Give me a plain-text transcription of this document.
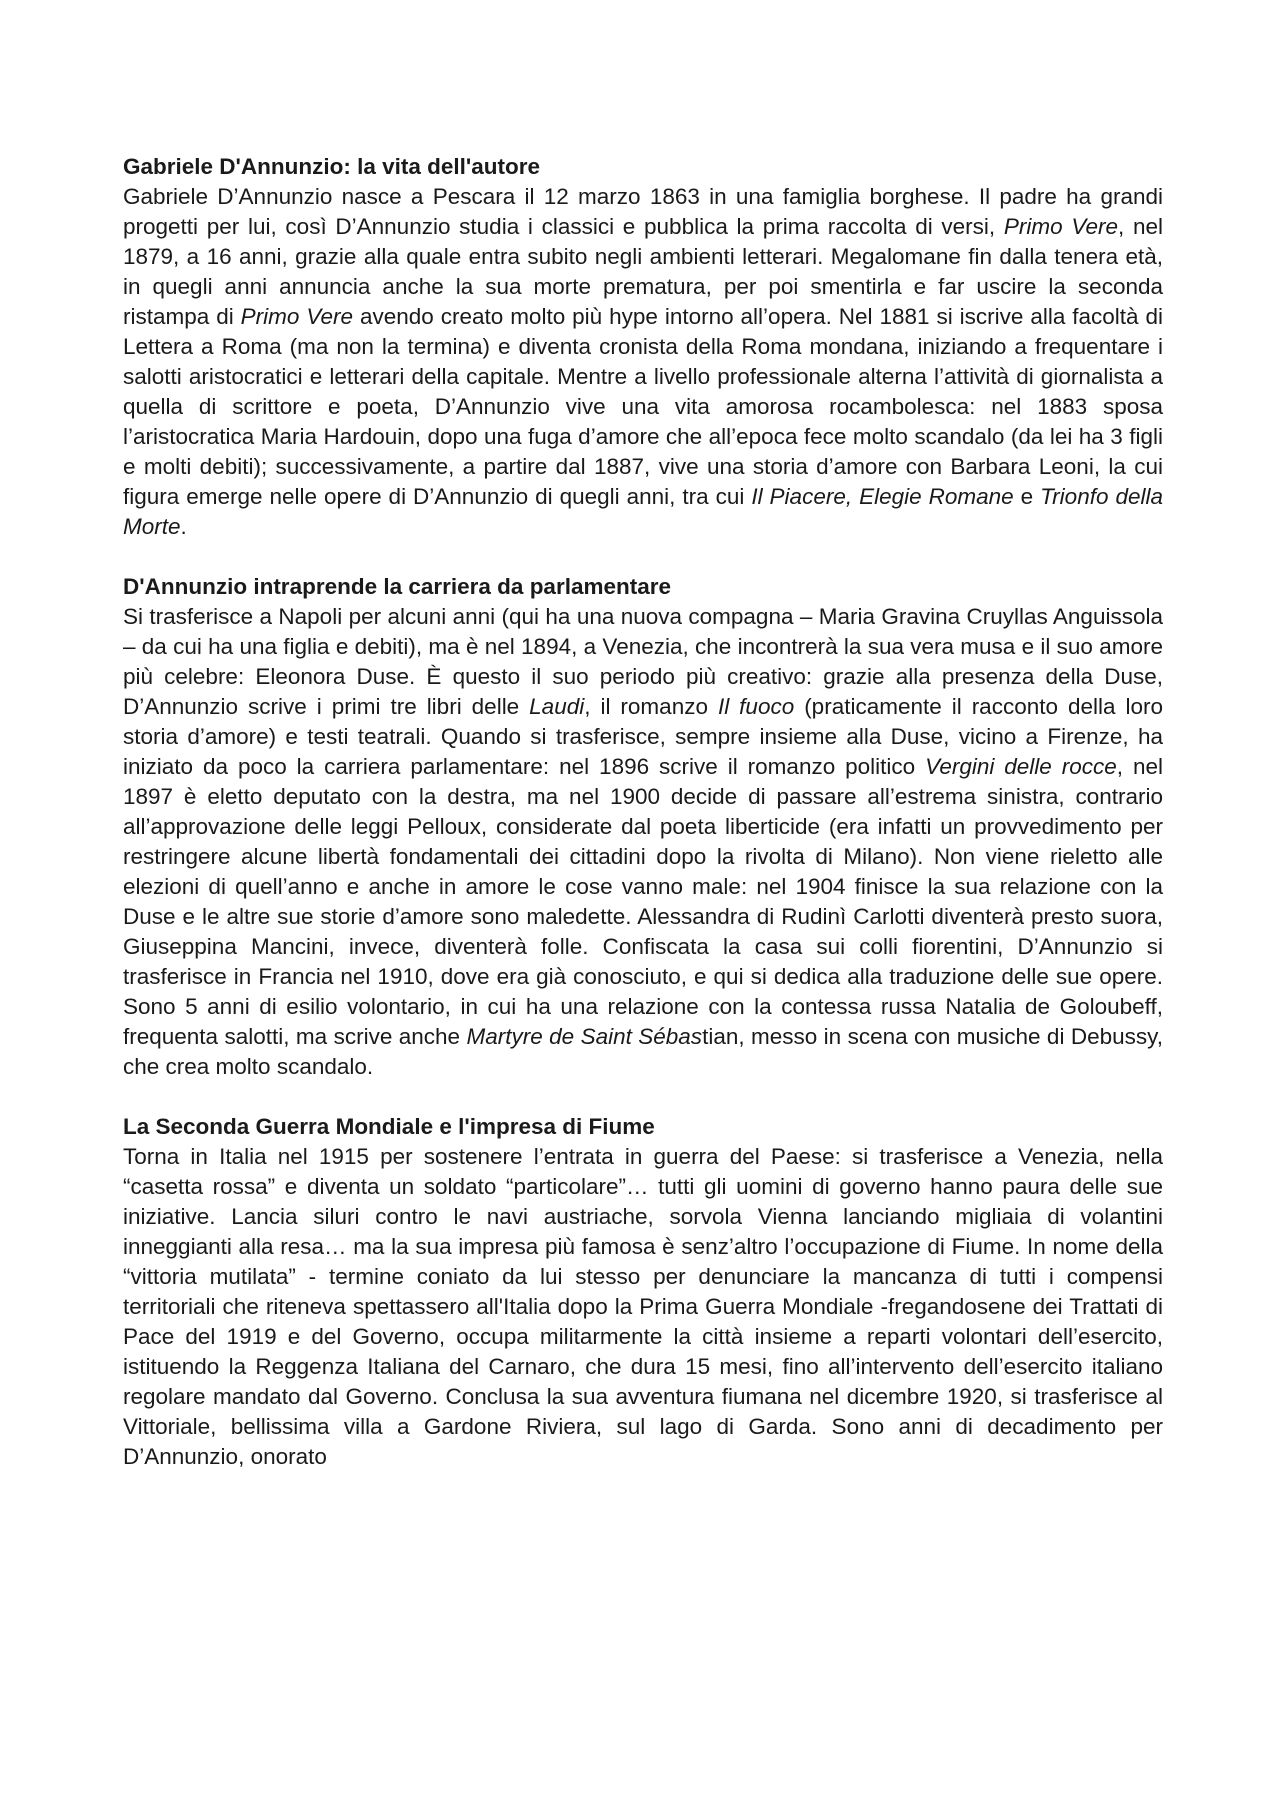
Gabriele D'Annunzio: la vita dell'autore

Gabriele D’Annunzio nasce a Pescara il 12 marzo 1863 in una famiglia borghese. Il padre ha grandi progetti per lui, così D’Annunzio studia i classici e pubblica la prima raccolta di versi, Primo Vere, nel 1879, a 16 anni, grazie alla quale entra subito negli ambienti letterari. Megalomane fin dalla tenera età, in quegli anni annuncia anche la sua morte prematura, per poi smentirla e far uscire la seconda ristampa di Primo Vere avendo creato molto più hype intorno all’opera. Nel 1881 si iscrive alla facoltà di Lettera a Roma (ma non la termina) e diventa cronista della Roma mondana, iniziando a frequentare i salotti aristocratici e letterari della capitale. Mentre a livello professionale alterna l’attività di giornalista a quella di scrittore e poeta, D’Annunzio vive una vita amorosa rocambolesca: nel 1883 sposa l’aristocratica Maria Hardouin, dopo una fuga d’amore che all’epoca fece molto scandalo (da lei ha 3 figli e molti debiti); successivamente, a partire dal 1887, vive una storia d’amore con Barbara Leoni, la cui figura emerge nelle opere di D’Annunzio di quegli anni, tra cui Il Piacere, Elegie Romane e Trionfo della Morte.

D'Annunzio intraprende la carriera da parlamentare

Si trasferisce a Napoli per alcuni anni (qui ha una nuova compagna – Maria Gravina Cruyllas Anguissola – da cui ha una figlia e debiti), ma è nel 1894, a Venezia, che incontrerà la sua vera musa e il suo amore più celebre: Eleonora Duse. È questo il suo periodo più creativo: grazie alla presenza della Duse, D’Annunzio scrive i primi tre libri delle Laudi, il romanzo Il fuoco (praticamente il racconto della loro storia d’amore) e testi teatrali. Quando si trasferisce, sempre insieme alla Duse, vicino a Firenze, ha iniziato da poco la carriera parlamentare: nel 1896 scrive il romanzo politico Vergini delle rocce, nel 1897 è eletto deputato con la destra, ma nel 1900 decide di passare all’estrema sinistra, contrario all’approvazione delle leggi Pelloux, considerate dal poeta liberticide (era infatti un provvedimento per restringere alcune libertà fondamentali dei cittadini dopo la rivolta di Milano). Non viene rieletto alle elezioni di quell’anno e anche in amore le cose vanno male: nel 1904 finisce la sua relazione con la Duse e le altre sue storie d’amore sono maledette. Alessandra di Rudinì Carlotti diventerà presto suora, Giuseppina Mancini, invece, diventerà folle. Confiscata la casa sui colli fiorentini, D’Annunzio si trasferisce in Francia nel 1910, dove era già conosciuto, e qui si dedica alla traduzione delle sue opere. Sono 5 anni di esilio volontario, in cui ha una relazione con la contessa russa Natalia de Goloubeff, frequenta salotti, ma scrive anche Martyre de Saint Sébastian, messo in scena con musiche di Debussy, che crea molto scandalo.

La Seconda Guerra Mondiale e l'impresa di Fiume

Torna in Italia nel 1915 per sostenere l’entrata in guerra del Paese: si trasferisce a Venezia, nella “casetta rossa” e diventa un soldato “particolare”… tutti gli uomini di governo hanno paura delle sue iniziative. Lancia siluri contro le navi austriache, sorvola Vienna lanciando migliaia di volantini inneggianti alla resa… ma la sua impresa più famosa è senz’altro l’occupazione di Fiume. In nome della “vittoria mutilata” - termine coniato da lui stesso per denunciare la mancanza di tutti i compensi territoriali che riteneva spettassero all'Italia dopo la Prima Guerra Mondiale -fregandosene dei Trattati di Pace del 1919 e del Governo, occupa militarmente la città insieme a reparti volontari dell’esercito, istituendo la Reggenza Italiana del Carnaro, che dura 15 mesi, fino all’intervento dell’esercito italiano regolare mandato dal Governo. Conclusa la sua avventura fiumana nel dicembre 1920, si trasferisce al Vittoriale, bellissima villa a Gardone Riviera, sul lago di Garda. Sono anni di decadimento per D’Annunzio, onorato
